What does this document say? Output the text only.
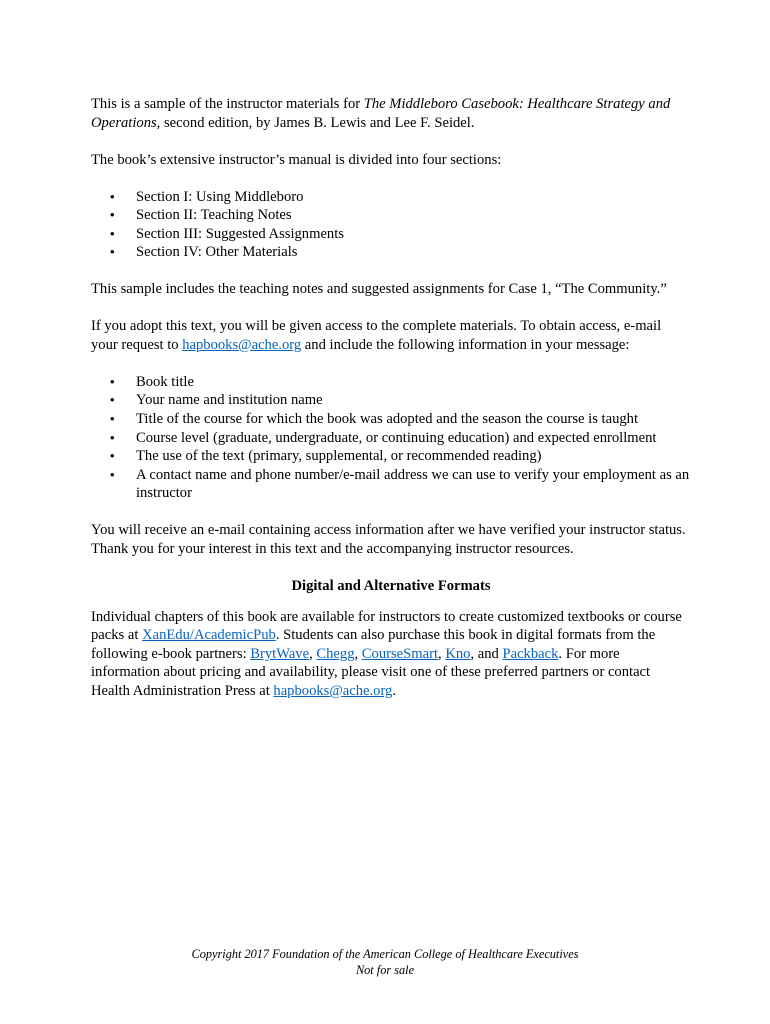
This is a sample of the instructor materials for The Middleboro Casebook: Healthcare Strategy and Operations, second edition, by James B. Lewis and Lee F. Seidel.

The book’s extensive instructor’s manual is divided into four sections:

• Section I: Using Middleboro
• Section II: Teaching Notes
• Section III: Suggested Assignments
• Section IV: Other Materials

This sample includes the teaching notes and suggested assignments for Case 1, “The Community.”

If you adopt this text, you will be given access to the complete materials. To obtain access, e-mail your request to hapbooks@ache.org and include the following information in your message:

• Book title
• Your name and institution name
• Title of the course for which the book was adopted and the season the course is taught
• Course level (graduate, undergraduate, or continuing education) and expected enrollment
• The use of the text (primary, supplemental, or recommended reading)
• A contact name and phone number/e-mail address we can use to verify your employment as an instructor

You will receive an e-mail containing access information after we have verified your instructor status. Thank you for your interest in this text and the accompanying instructor resources.

Digital and Alternative Formats

Individual chapters of this book are available for instructors to create customized textbooks or course packs at XanEdu/AcademicPub. Students can also purchase this book in digital formats from the following e-book partners: BrytWave, Chegg, CourseSmart, Kno, and Packback. For more information about pricing and availability, please visit one of these preferred partners or contact Health Administration Press at hapbooks@ache.org.

Copyright 2017 Foundation of the American College of Healthcare Executives
Not for sale
